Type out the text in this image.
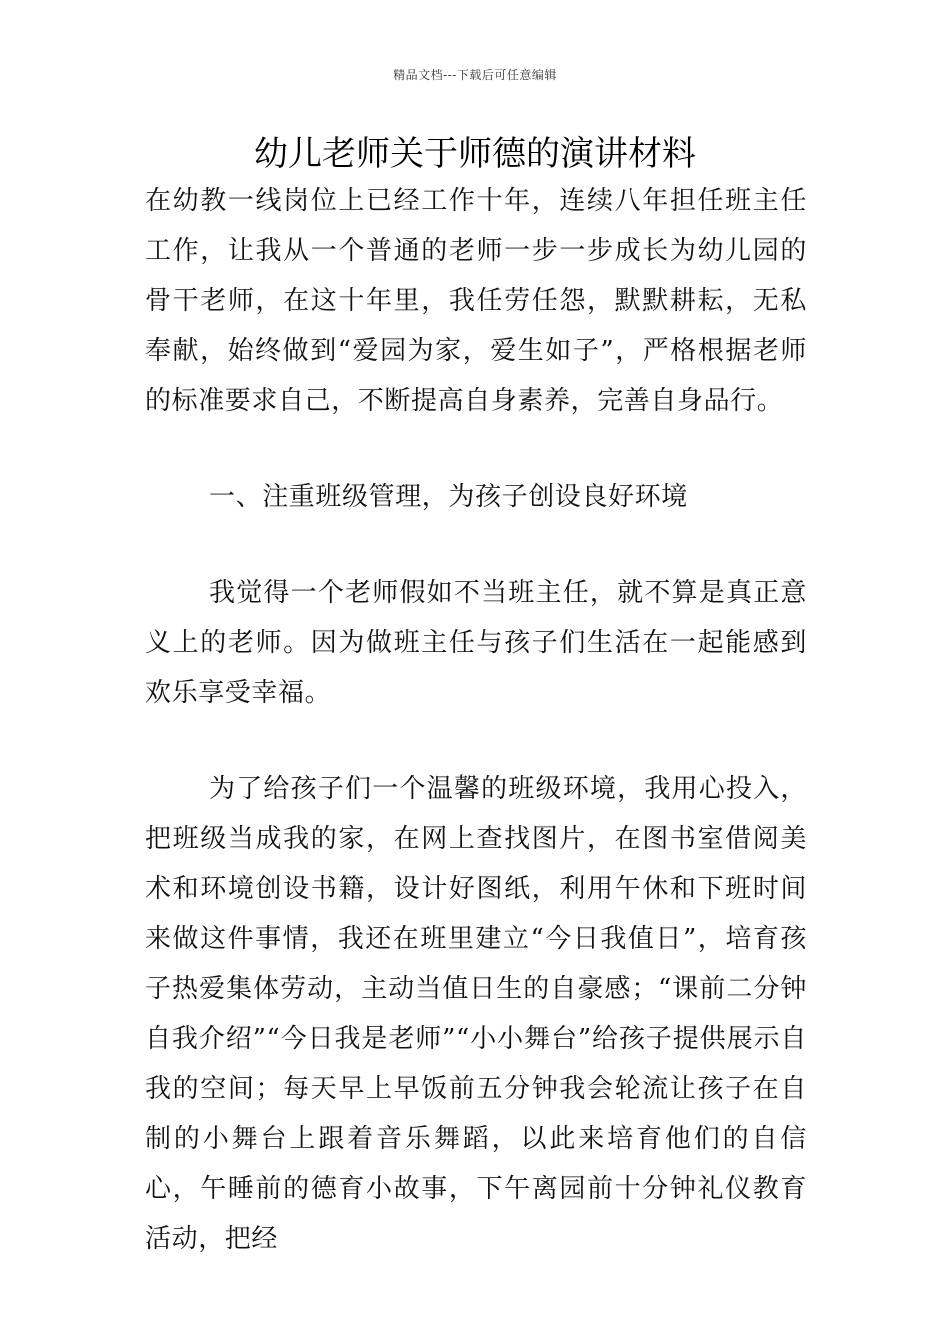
精品文档---下载后可任意编辑
幼儿老师关于师德的演讲材料

在幼教一线岗位上已经工作十年，连续八年担任班主任工作，让我从一个普通的老师一步一步成长为幼儿园的骨干老师，在这十年里，我任劳任怨，默默耕耘，无私奉献，始终做到“爱园为家，爱生如子”，严格根据老师的标准要求自己，不断提高自身素养，完善自身品行。

一、注重班级管理，为孩子创设良好环境

我觉得一个老师假如不当班主任，就不算是真正意义上的老师。因为做班主任与孩子们生活在一起能感到欢乐享受幸福。

为了给孩子们一个温馨的班级环境，我用心投入，把班级当成我的家，在网上查找图片，在图书室借阅美术和环境创设书籍，设计好图纸，利用午休和下班时间来做这件事情，我还在班里建立“今日我值日”，培育孩子热爱集体劳动，主动当值日生的自豪感；“课前二分钟自我介绍”“今日我是老师”“小小舞台”给孩子提供展示自我的空间；每天早上早饭前五分钟我会轮流让孩子在自制的小舞台上跟着音乐舞蹈，以此来培育他们的自信心，午睡前的德育小故事，下午离园前十分钟礼仪教育活动，把经
